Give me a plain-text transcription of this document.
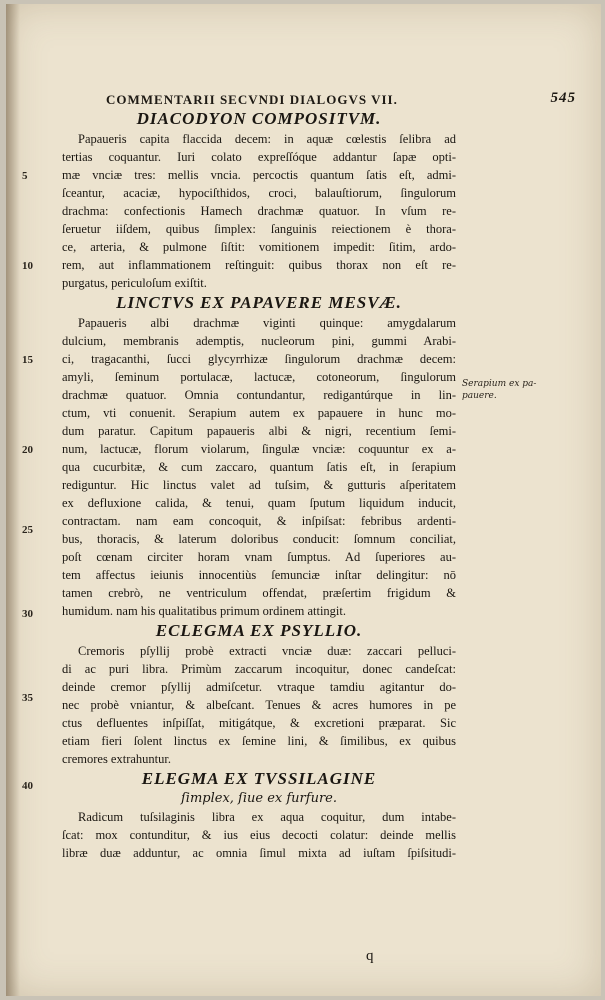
COMMENTARII SECVNDI DIALOGVS VII.	545
DIACODYON COMPOSITVM.
Papaueris capita flaccida decem: in aquæ cœlestis ſelibra ad
tertias coquantur. Iuri colato expreſſóque addantur ſapæ opti-
mæ vnciæ tres: mellis vncia. percoctis quantum ſatis eſt, admi-
ſceantur, acaciæ, hypociſthidos, croci, balauſtiorum, ſingulorum
drachma: confectionis Hamech drachmæ quatuor. In vſum re-
ſeruetur iiſdem, quibus ſimplex: ſanguinis reiectionem è thora-
ce, arteria, & pulmone ſiſtit: vomitionem impedit: ſitim, ardo-
rem, aut inflammationem reſtinguit: quibus thorax non eſt re-
purgatus, periculoſum exiſtit.
LINCTVS EX PAPAVERE MESVÆ.
Papaueris albi drachmæ viginti quinque: amygdalarum
dulcium, membranis ademptis, nucleorum pini, gummi Arabi-
ci, tragacanthi, ſucci glycyrrhizæ ſingulorum drachmæ decem:
amyli, ſeminum portulacæ, lactucæ, cotoneorum, ſingulorum
drachmæ quatuor. Omnia contundantur, redigantúrque in lin-
ctum, vti conuenit. Serapium autem ex papauere in hunc mo-
dum paratur. Capitum papaueris albi & nigri, recentium ſemi-
num, lactucæ, florum violarum, ſingulæ vnciæ: coquuntur ex a-
qua cucurbitæ, & cum zaccaro, quantum ſatis eſt, in ſerapium
rediguntur. Hic linctus valet ad tuſsim, & gutturis aſperitatem
ex defluxione calida, & tenui, quam ſputum liquidum inducit,
contractam. nam eam concoquit, & inſpiſsat: febribus ardenti-
bus, thoracis, & laterum doloribus conducit: ſomnum conciliat,
poſt cœnam circiter horam vnam ſumptus. Ad ſuperiores au-
tem affectus ieiunis innocentiùs ſemunciæ inſtar delingitur: nō
tamen crebrò, ne ventriculum offendat, præſertim frigidum &
humidum. nam his qualitatibus primum ordinem attingit.
ECLEGMA EX PSYLLIO.
Cremoris pſyllij probè extracti vnciæ duæ: zaccari pelluci-
di ac puri libra. Primùm zaccarum incoquitur, donec candeſcat:
deinde cremor pſyllij admiſcetur. vtraque tamdiu agitantur do-
nec probè vniantur, & albeſcant. Tenues & acres humores in pe
ctus defluentes inſpiſſat, mitigátque, & excretioni præparat. Sic
etiam fieri ſolent linctus ex ſemine lini, & ſimilibus, ex quibus
cremores extrahuntur.
ELEGMA EX TVSSILAGINE
ſimplex, ſiue ex furfure.
Radicum tuſsilaginis libra ex aqua coquitur, dum intabe-
ſcat: mox contunditur, & ius eius decocti colatur: deinde mellis
libræ duæ adduntur, ac omnia ſimul mixta ad iuſtam ſpiſsitudi-
5
10
15
20
25
30
35
40
Serapium ex pa-
pauere.
q
